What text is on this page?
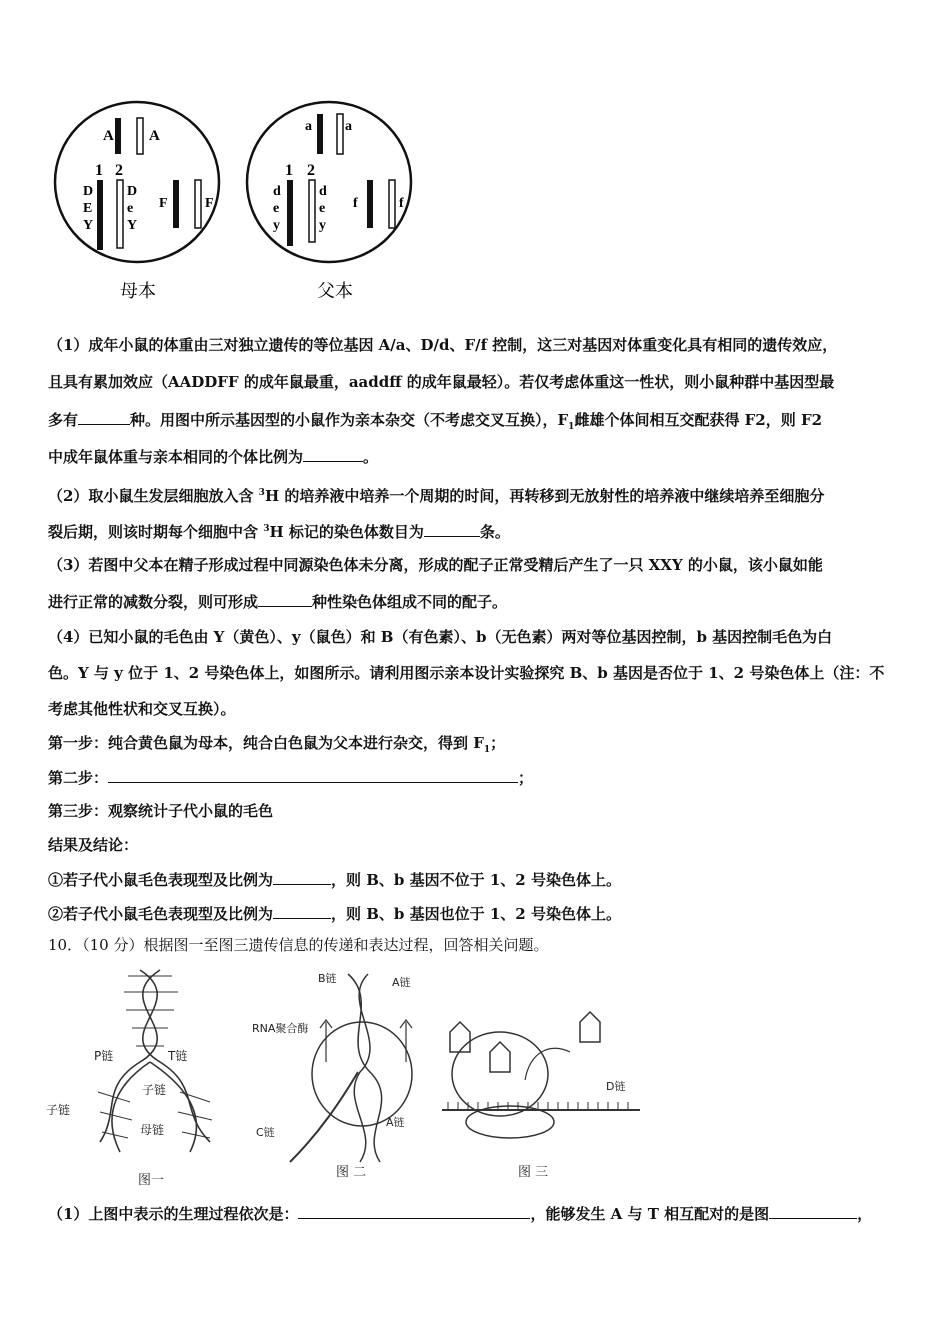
A A
1 2
D
E
Y
D
e
Y
F	F
母本
a a
1 2
d
e
y
d
e
y
f	f
父本
（1）成年小鼠的体重由三对独立遗传的等位基因 A/a、D/d、F/f 控制，这三对基因对体重变化具有相同的遗传效应，
且具有累加效应（AADDFF 的成年鼠最重，aaddff 的成年鼠最轻）。若仅考虑体重这一性状，则小鼠种群中基因型最
多有	种。用图中所示基因型的小鼠作为亲本杂交（不考虑交叉互换），$F_1$雌雄个体间相互交配获得 F2，则 F2
中成年鼠体重与亲本相同的个体比例为	。
（2）取小鼠生发层细胞放入含 $^3$H 的培养液中培养一个周期的时间，再转移到无放射性的培养液中继续培养至细胞分
裂后期，则该时期每个细胞中含 $^3$H 标记的染色体数目为	条。
（3）若图中父本在精子形成过程中同源染色体未分离，形成的配子正常受精后产生了一只 XXY 的小鼠，该小鼠如能
进行正常的减数分裂，则可形成	种性染色体组成不同的配子。
（4）已知小鼠的毛色由 Y（黄色）、y（鼠色）和 B（有色素）、b（无色素）两对等位基因控制，b 基因控制毛色为白
色。Y 与 y 位于 1、2 号染色体上，如图所示。请利用图示亲本设计实验探究 B、b 基因是否位于 1、2 号染色体上（注：不
考虑其他性状和交叉互换）。
第一步：纯合黄色鼠为母本，纯合白色鼠为父本进行杂交，得到 $F_1$；
第二步：	；
第三步：观察统计子代小鼠的毛色
结果及结论：
①若子代小鼠毛色表现型及比例为	，则 B、b 基因不位于 1、2 号染色体上。
②若子代小鼠毛色表现型及比例为	，则 B、b 基因也位于 1、2 号染色体上。
10．（10 分）根据图一至图三遗传信息的传递和表达过程，回答相关问题。
P链	T链
子链
子链
母链
图一
B链	A链
RNA聚合酶
A链
C链
图 二
D链
图 三
（1）上图中表示的生理过程依次是：	，能够发生 A 与 T 相互配对的是图	，
